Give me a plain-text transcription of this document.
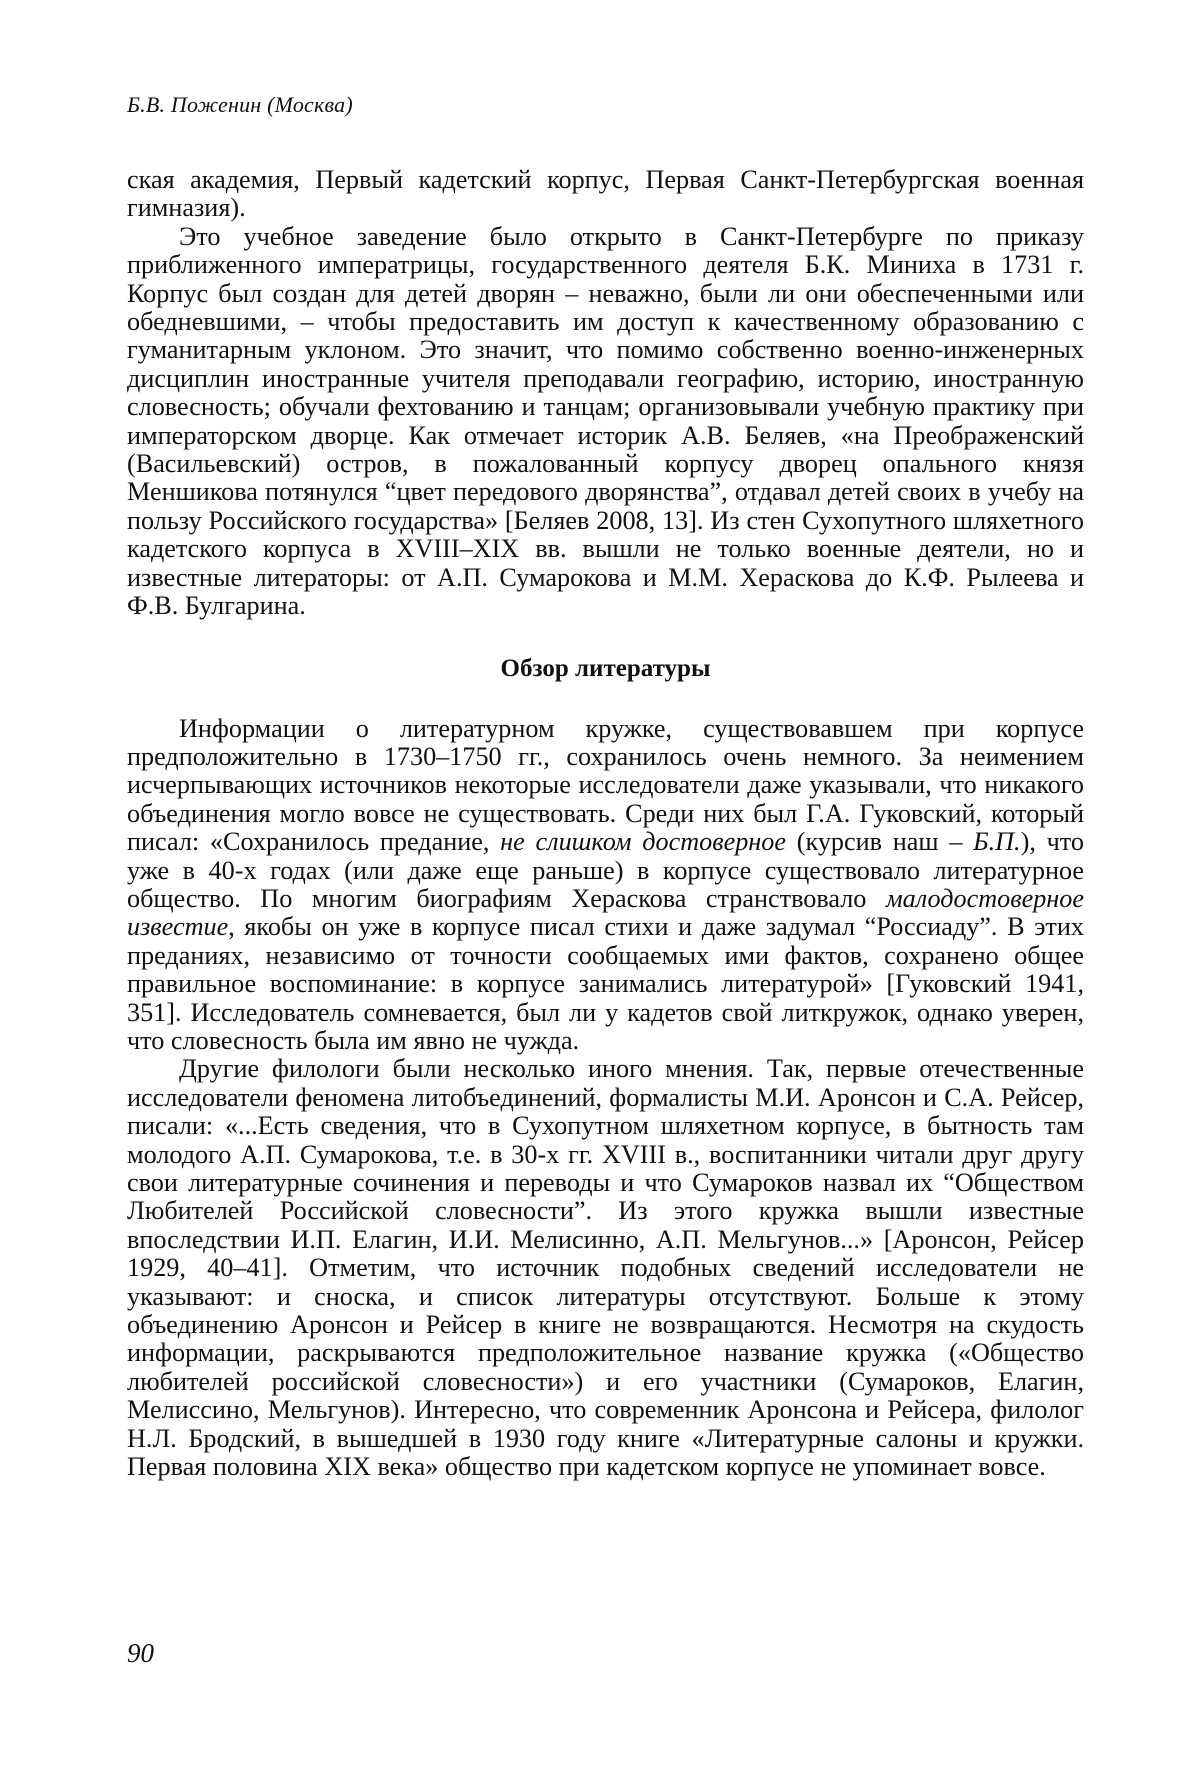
Б.В. Поженин (Москва)

ская академия, Первый кадетский корпус, Первая Санкт-Петербургская военная гимназия).

Это учебное заведение было открыто в Санкт-Петербурге по приказу приближенного императрицы, государственного деятеля Б.К. Миниха в 1731 г. Корпус был создан для детей дворян – неважно, были ли они обеспеченными или обедневшими, – чтобы предоставить им доступ к качественному образованию с гуманитарным уклоном. Это значит, что помимо собственно военно-инженерных дисциплин иностранные учителя преподавали географию, историю, иностранную словесность; обучали фехтованию и танцам; организовывали учебную практику при императорском дворце. Как отмечает историк А.В. Беляев, «на Преображенский (Васильевский) остров, в пожалованный корпусу дворец опального князя Меншикова потянулся “цвет передового дворянства”, отдавал детей своих в учебу на пользу Российского государства» [Беляев 2008, 13]. Из стен Сухопутного шляхетного кадетского корпуса в XVIII–XIX вв. вышли не только военные деятели, но и известные литераторы: от А.П. Сумарокова и М.М. Хераскова до К.Ф. Рылеева и Ф.В. Булгарина.

Обзор литературы

Информации о литературном кружке, существовавшем при корпусе предположительно в 1730–1750 гг., сохранилось очень немного. За неимением исчерпывающих источников некоторые исследователи даже указывали, что никакого объединения могло вовсе не существовать. Среди них был Г.А. Гуковский, который писал: «Сохранилось предание, не слишком достоверное (курсив наш – Б.П.), что уже в 40-х годах (или даже еще раньше) в корпусе существовало литературное общество. По многим биографиям Хераскова странствовало малодостоверное известие, якобы он уже в корпусе писал стихи и даже задумал “Россиаду”. В этих преданиях, независимо от точности сообщаемых ими фактов, сохранено общее правильное воспоминание: в корпусе занимались литературой» [Гуковский 1941, 351]. Исследователь сомневается, был ли у кадетов свой литкружок, однако уверен, что словесность была им явно не чужда.

Другие филологи были несколько иного мнения. Так, первые отечественные исследователи феномена литобъединений, формалисты М.И. Аронсон и С.А. Рейсер, писали: «...Есть сведения, что в Сухопутном шляхетном корпусе, в бытность там молодого А.П. Сумарокова, т.е. в 30-х гг. XVIII в., воспитанники читали друг другу свои литературные сочинения и переводы и что Сумароков назвал их “Обществом Любителей Российской словесности”. Из этого кружка вышли известные впоследствии И.П. Елагин, И.И. Мелисинно, А.П. Мельгунов...» [Аронсон, Рейсер 1929, 40–41]. Отметим, что источник подобных сведений исследователи не указывают: и сноска, и список литературы отсутствуют. Больше к этому объединению Аронсон и Рейсер в книге не возвращаются. Несмотря на скудость информации, раскрываются предположительное название кружка («Общество любителей российской словесности») и его участники (Сумароков, Елагин, Мелиссино, Мельгунов). Интересно, что современник Аронсона и Рейсера, филолог Н.Л. Бродский, в вышедшей в 1930 году книге «Литературные салоны и кружки. Первая половина XIX века» общество при кадетском корпусе не упоминает вовсе.

90
